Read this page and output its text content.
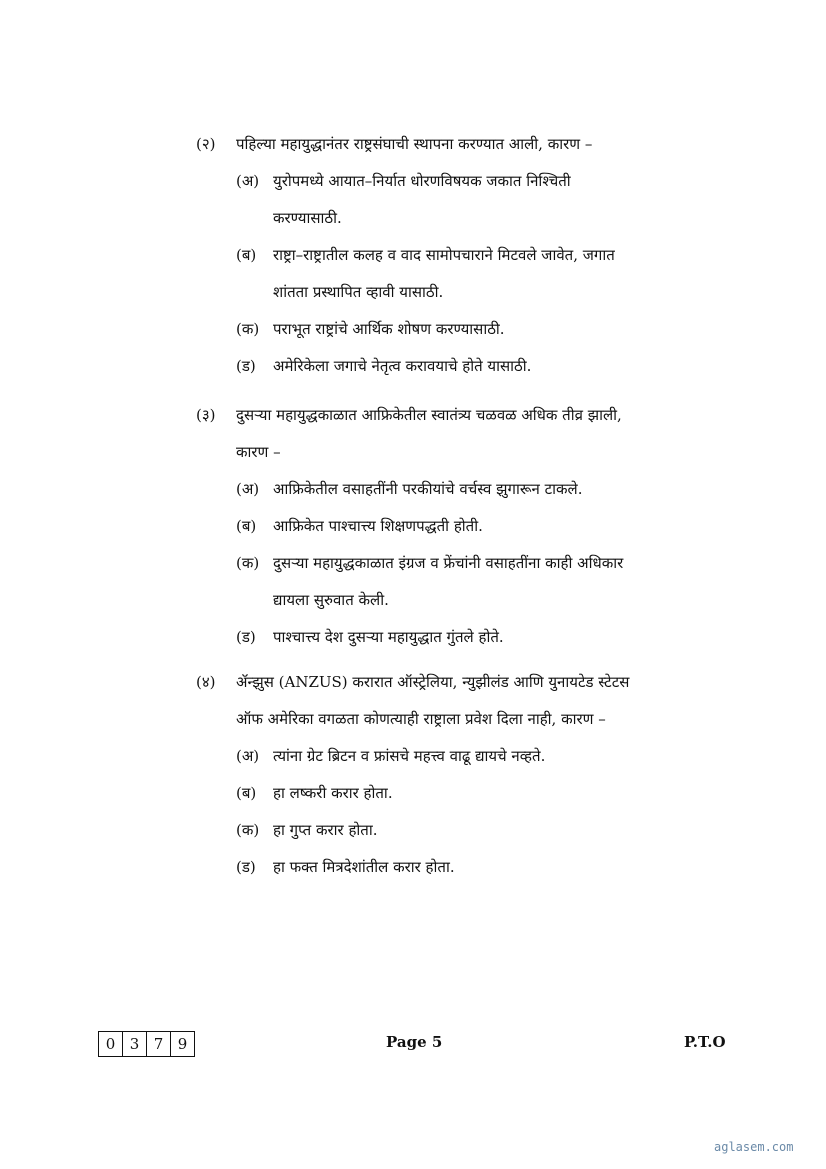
(२) पहिल्या महायुद्धानंतर राष्ट्रसंघाची स्थापना करण्यात आली, कारण –
(अ) युरोपमध्ये आयात–निर्यात धोरणविषयक जकात निश्चिती करण्यासाठी.
(ब) राष्ट्रा–राष्ट्रातील कलह व वाद सामोपचाराने मिटवले जावेत, जगात शांतता प्रस्थापित व्हावी यासाठी.
(क) पराभूत राष्ट्रांचे आर्थिक शोषण करण्यासाठी.
(ड) अमेरिकेला जगाचे नेतृत्व करावयाचे होते यासाठी.
(३) दुसऱ्या महायुद्धकाळात आफ्रिकेतील स्वातंत्र्य चळवळ अधिक तीव्र झाली, कारण –
(अ) आफ्रिकेतील वसाहतींनी परकीयांचे वर्चस्व झुगारून टाकले.
(ब) आफ्रिकेत पाश्चात्त्य शिक्षणपद्धती होती.
(क) दुसऱ्या महायुद्धकाळात इंग्रज व फ्रेंचांनी वसाहतींना काही अधिकार द्यायला सुरुवात केली.
(ड) पाश्चात्त्य देश दुसऱ्या महायुद्धात गुंतले होते.
(४) ॲन्झुस (ANZUS) करारात ऑस्ट्रेलिया, न्युझीलंड आणि युनायटेड स्टेटस ऑफ अमेरिका वगळता कोणत्याही राष्ट्राला प्रवेश दिला नाही, कारण –
(अ) त्यांना ग्रेट ब्रिटन व फ्रांसचे महत्त्व वाढू द्यायचे नव्हते.
(ब) हा लष्करी करार होता.
(क) हा गुप्त करार होता.
(ड) हा फक्त मित्रदेशांतील करार होता.
0 3 7 9	Page 5	P.T.O
aglasem.com
